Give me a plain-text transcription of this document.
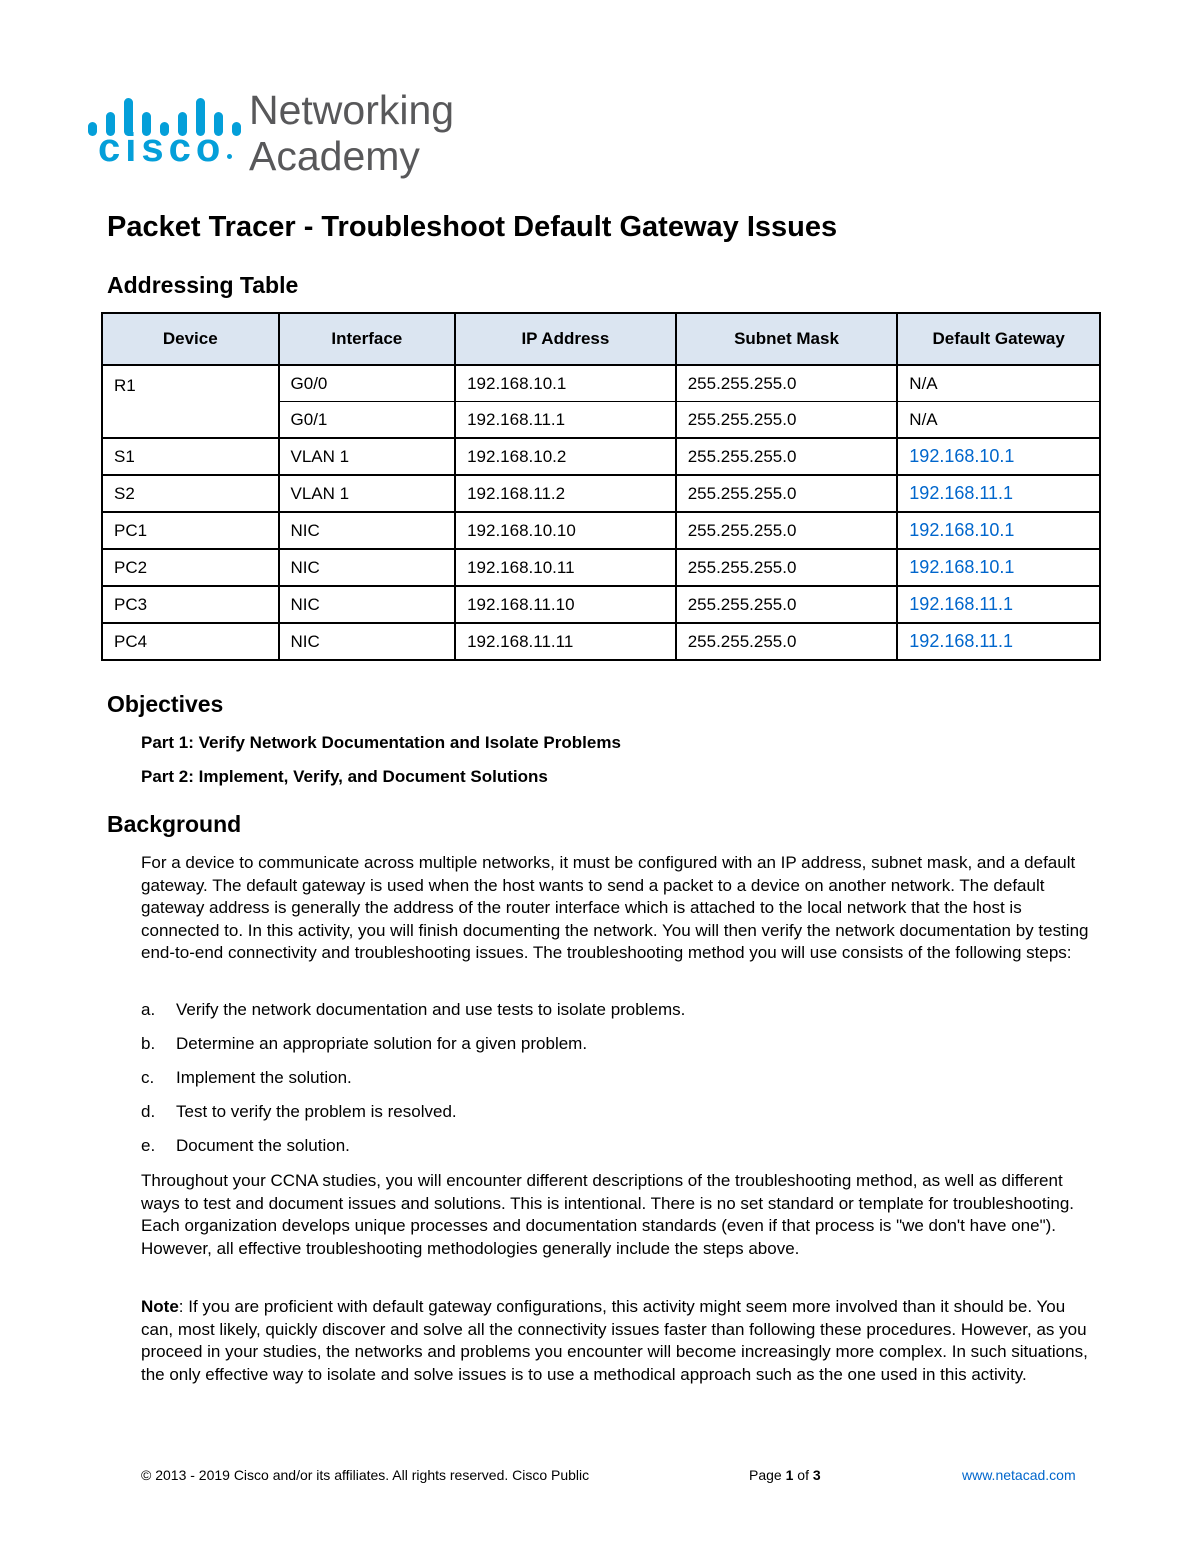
cisco
Networking
Academy
Packet Tracer - Troubleshoot Default Gateway Issues
Addressing Table
Device	Interface	IP Address	Subnet Mask	Default Gateway
R1	G0/0	192.168.10.1	255.255.255.0	N/A
	G0/1	192.168.11.1	255.255.255.0	N/A
S1	VLAN 1	192.168.10.2	255.255.255.0	192.168.10.1
S2	VLAN 1	192.168.11.2	255.255.255.0	192.168.11.1
PC1	NIC	192.168.10.10	255.255.255.0	192.168.10.1
PC2	NIC	192.168.10.11	255.255.255.0	192.168.10.1
PC3	NIC	192.168.11.10	255.255.255.0	192.168.11.1
PC4	NIC	192.168.11.11	255.255.255.0	192.168.11.1
Objectives

Part 1: Verify Network Documentation and Isolate Problems

Part 2: Implement, Verify, and Document Solutions

Background

For a device to communicate across multiple networks, it must be configured with an IP address, subnet mask, and a default gateway. The default gateway is used when the host wants to send a packet to a device on another network. The default gateway address is generally the address of the router interface which is attached to the local network that the host is connected to. In this activity, you will finish documenting the network. You will then verify the network documentation by testing end-to-end connectivity and troubleshooting issues. The troubleshooting method you will use consists of the following steps:

a. Verify the network documentation and use tests to isolate problems.

b. Determine an appropriate solution for a given problem.

c. Implement the solution.

d. Test to verify the problem is resolved.

e. Document the solution.

Throughout your CCNA studies, you will encounter different descriptions of the troubleshooting method, as well as different ways to test and document issues and solutions. This is intentional. There is no set standard or template for troubleshooting. Each organization develops unique processes and documentation standards (even if that process is "we don't have one"). However, all effective troubleshooting methodologies generally include the steps above.

Note: If you are proficient with default gateway configurations, this activity might seem more involved than it should be. You can, most likely, quickly discover and solve all the connectivity issues faster than following these procedures. However, as you proceed in your studies, the networks and problems you encounter will become increasingly more complex. In such situations, the only effective way to isolate and solve issues is to use a methodical approach such as the one used in this activity.

© 2013 - 2019 Cisco and/or its affiliates. All rights reserved. Cisco Public	Page 1 of 3	www.netacad.com
